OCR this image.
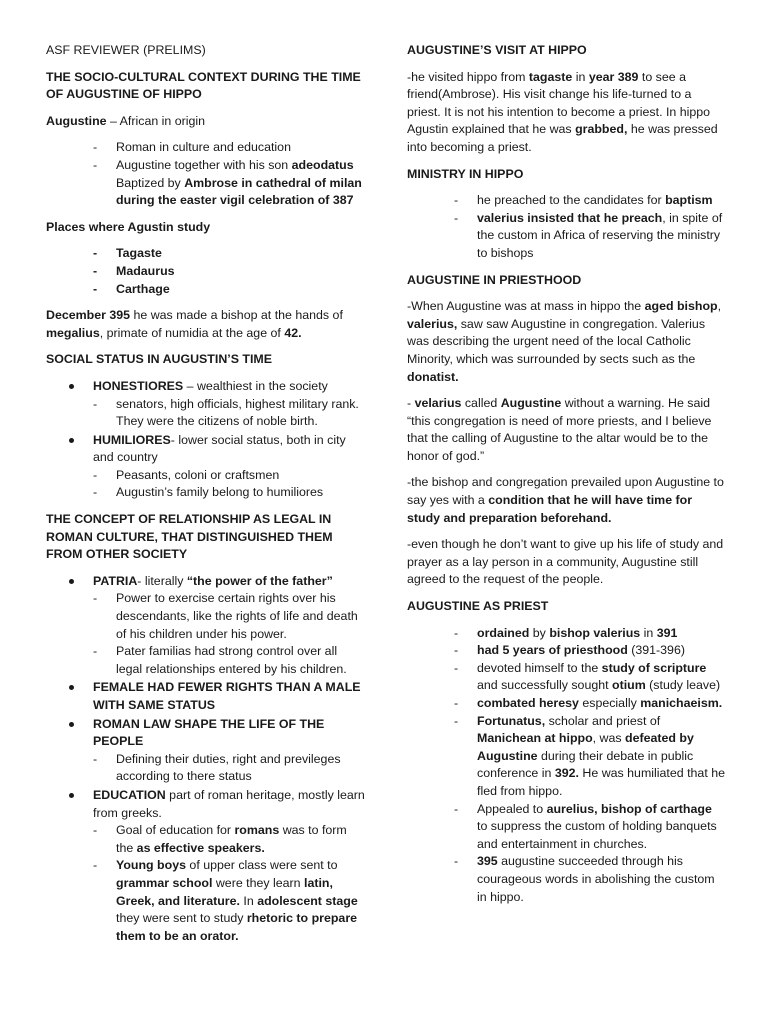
ASF REVIEWER (PRELIMS)

THE SOCIO-CULTURAL CONTEXT DURING THE TIME OF AUGUSTINE OF HIPPO

Augustine – African in origin

- Roman in culture and education
- Augustine together with his son adeodatus Baptized by Ambrose in cathedral of milan during the easter vigil celebration of 387

Places where Agustin study

- Tagaste
- Madaurus
- Carthage

December 395 he was made a bishop at the hands of megalius, primate of numidia at the age of 42.

SOCIAL STATUS IN AUGUSTIN’S TIME

HONESTIORES – wealthiest in the society
- senators, high officials, highest military rank. They were the citizens of noble birth.
HUMILIORES- lower social status, both in city and country
- Peasants, coloni or craftsmen
- Augustin’s family belong to humiliores

THE CONCEPT OF RELATIONSHIP AS LEGAL IN ROMAN CULTURE, THAT DISTINGUISHED THEM FROM OTHER SOCIETY

PATRIA- literally “the power of the father”
- Power to exercise certain rights over his descendants, like the rights of life and death of his children under his power.
- Pater familias had strong control over all legal relationships entered by his children.
FEMALE HAD FEWER RIGHTS THAN A MALE WITH SAME STATUS
ROMAN LAW SHAPE THE LIFE OF THE PEOPLE
- Defining their duties, right and previleges according to there status
EDUCATION part of roman heritage, mostly learn from greeks.
- Goal of education for romans was to form the as effective speakers.
- Young boys of upper class were sent to grammar school were they learn latin, Greek, and literature. In adolescent stage they were sent to study rhetoric to prepare them to be an orator.

AUGUSTINE’S VISIT AT HIPPO

-he visited hippo from tagaste in year 389 to see a friend(Ambrose). His visit change his life-turned to a priest. It is not his intention to become a priest. In hippo Agustin explained that he was grabbed, he was pressed into becoming a priest.

MINISTRY IN HIPPO

- he preached to the candidates for baptism
- valerius insisted that he preach, in spite of the custom in Africa of reserving the ministry to bishops

AUGUSTINE IN PRIESTHOOD

-When Augustine was at mass in hippo the aged bishop, valerius, saw saw Augustine in congregation. Valerius was describing the urgent need of the local Catholic Minority, which was surrounded by sects such as the donatist.

- velarius called Augustine without a warning. He said “this congregation is need of more priests, and I believe that the calling of Augustine to the altar would be to the honor of god.”

-the bishop and congregation prevailed upon Augustine to say yes with a condition that he will have time for study and preparation beforehand.

-even though he don’t want to give up his life of study and prayer as a lay person in a community, Augustine still agreed to the request of the people.

AUGUSTINE AS PRIEST

- ordained by bishop valerius in 391
- had 5 years of priesthood (391-396)
- devoted himself to the study of scripture and successfully sought otium (study leave)
- combated heresy especially manichaeism.
- Fortunatus, scholar and priest of Manichean at hippo, was defeated by Augustine during their debate in public conference in 392. He was humiliated that he fled from hippo.
- Appealed to aurelius, bishop of carthage to suppress the custom of holding banquets and entertainment in churches.
- 395 augustine succeeded through his courageous words in abolishing the custom in hippo.
